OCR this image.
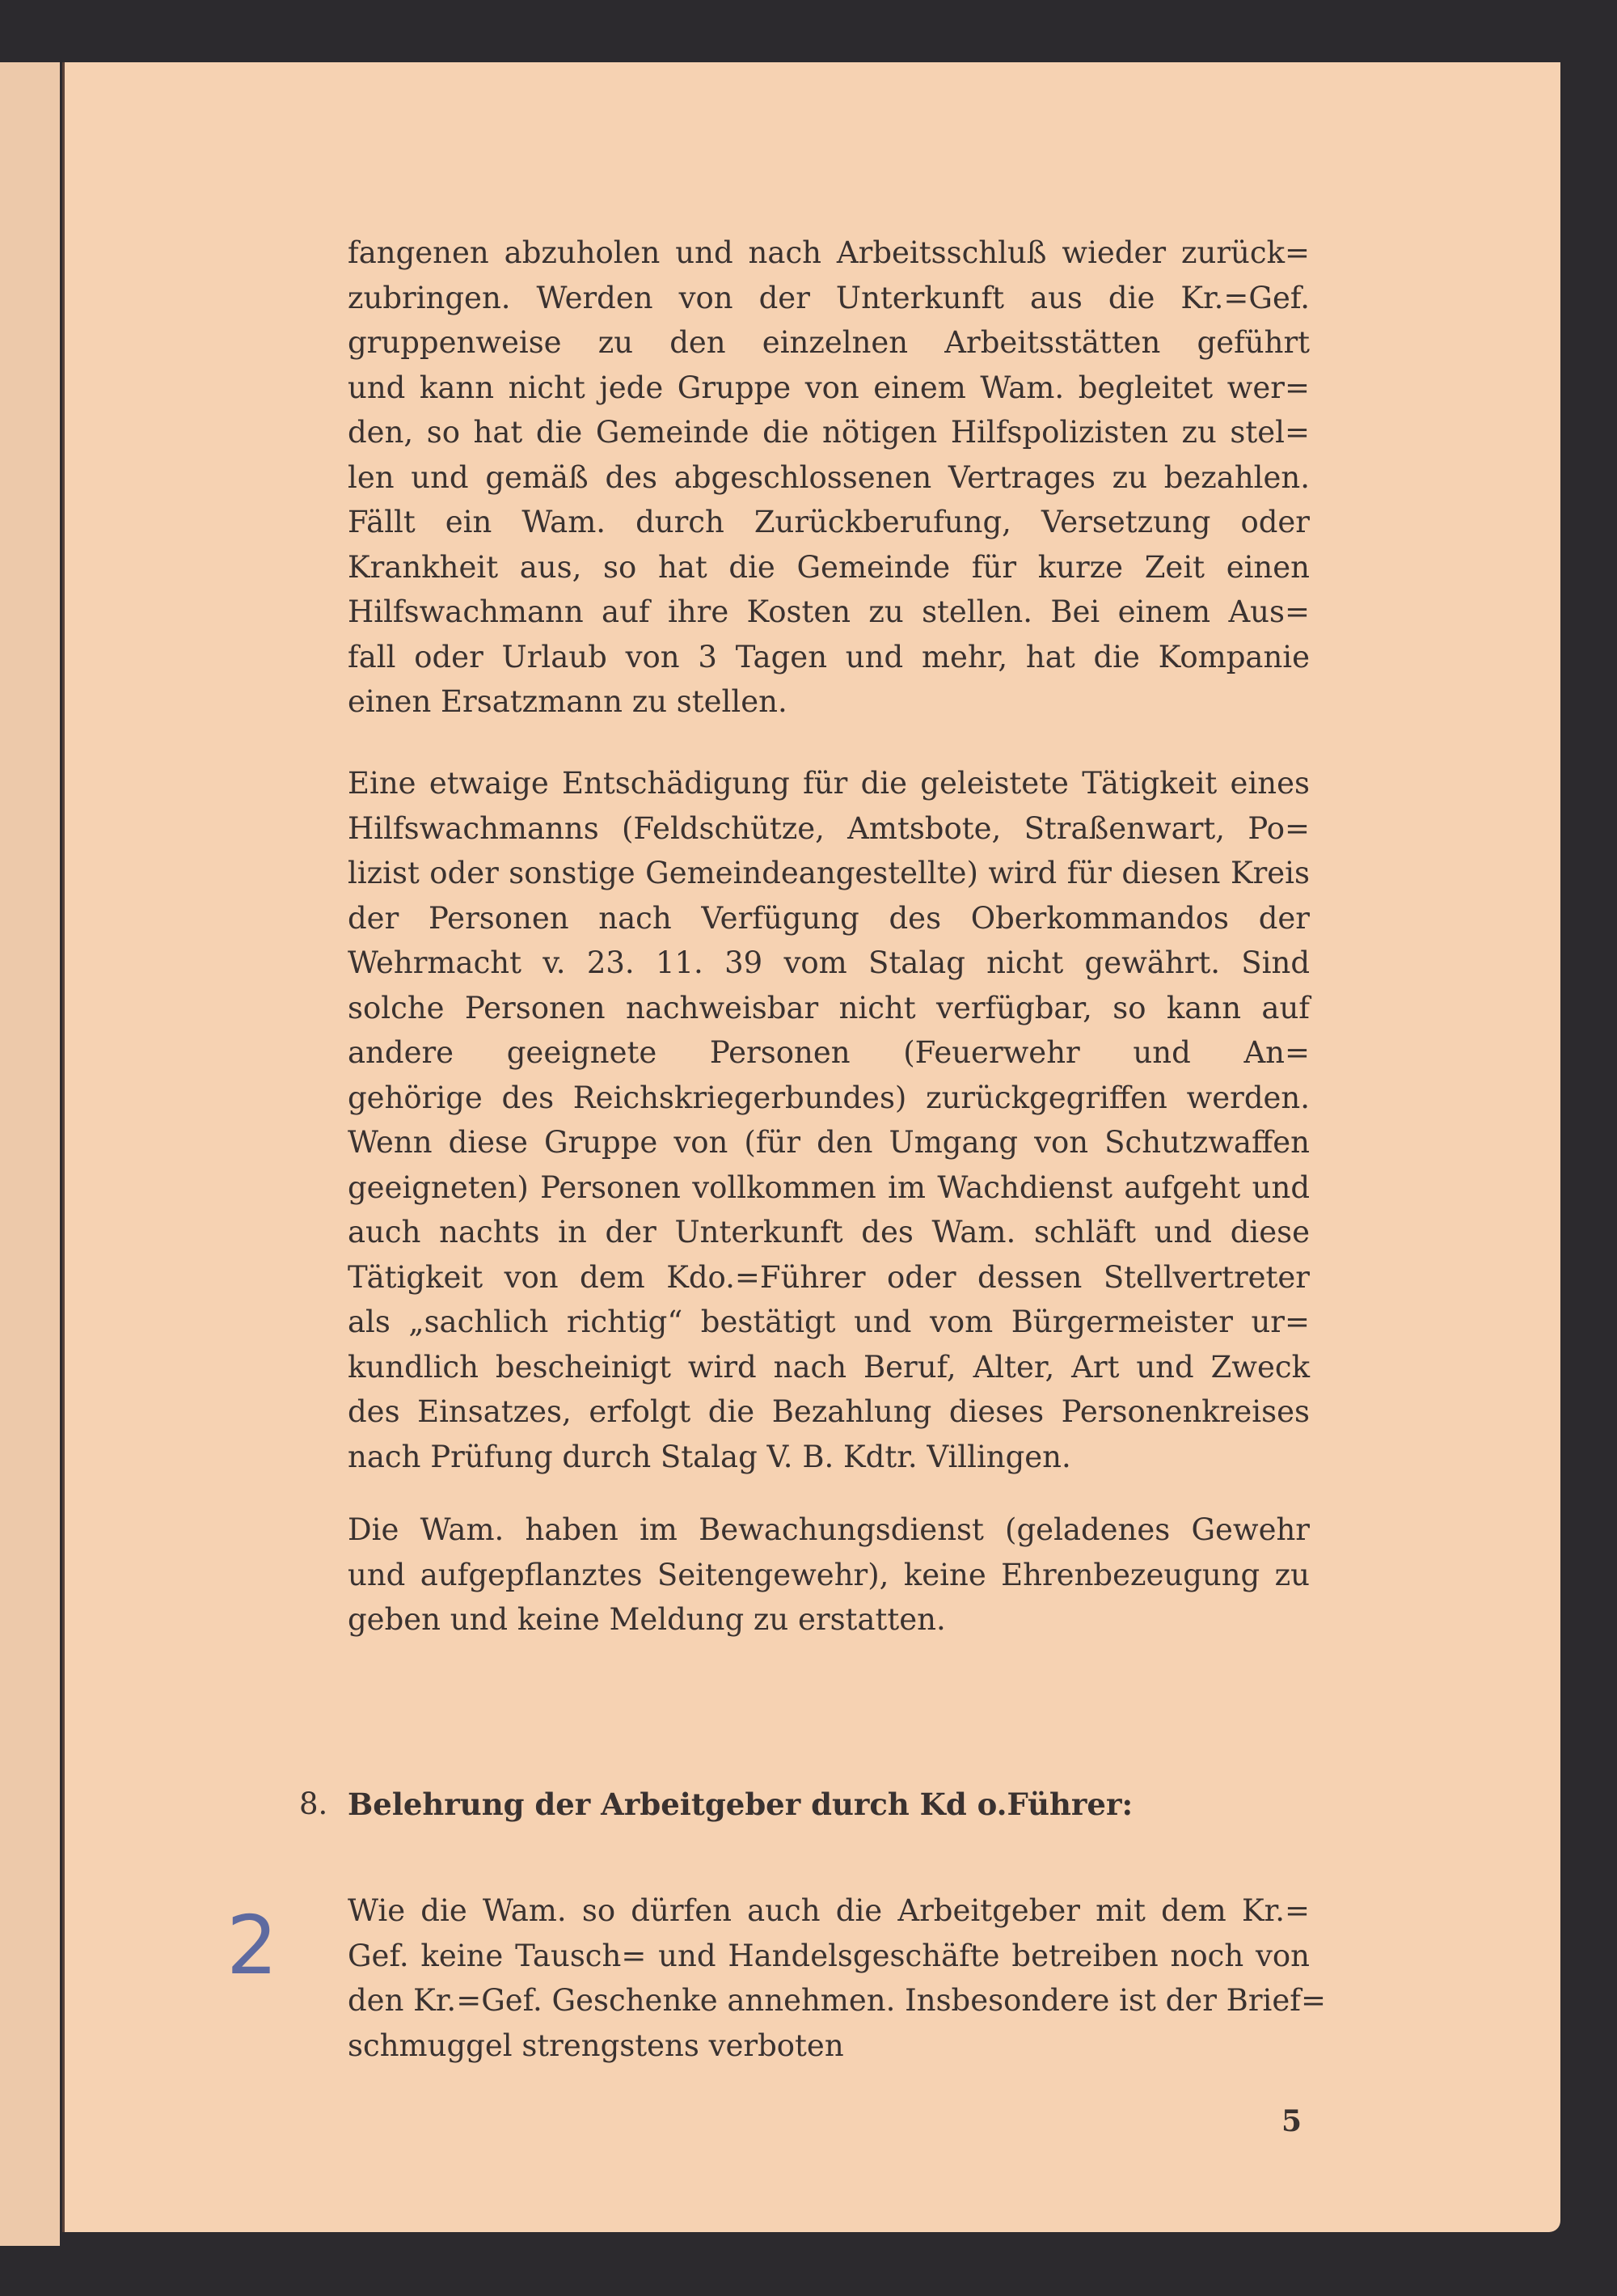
8. Belehrung der Arbeitgeber durch Kd o.Führer:
5
2
fangenen abzuholen und nach Arbeitsschluß wieder zurück=
zubringen. Werden von der Unterkunft aus die Kr.=Gef.
gruppenweise zu den einzelnen Arbeitsstätten geführt
und kann nicht jede Gruppe von einem Wam. begleitet wer=
den, so hat die Gemeinde die nötigen Hilfspolizisten zu stel=
len und gemäß des abgeschlossenen Vertrages zu bezahlen.
Fällt ein Wam. durch Zurückberufung, Versetzung oder
Krankheit aus, so hat die Gemeinde für kurze Zeit einen
Hilfswachmann auf ihre Kosten zu stellen. Bei einem Aus=
fall oder Urlaub von 3 Tagen und mehr, hat die Kompanie
einen Ersatzmann zu stellen.
Eine etwaige Entschädigung für die geleistete Tätigkeit eines
Hilfswachmanns (Feldschütze, Amtsbote, Straßenwart, Po=
lizist oder sonstige Gemeindeangestellte) wird für diesen Kreis
der Personen nach Verfügung des Oberkommandos der
Wehrmacht v. 23. 11. 39 vom Stalag nicht gewährt. Sind
solche Personen nachweisbar nicht verfügbar, so kann auf
andere geeignete Personen (Feuerwehr und An=
gehörige des Reichskriegerbundes) zurückgegriffen werden.
Wenn diese Gruppe von (für den Umgang von Schutzwaffen
geeigneten) Personen vollkommen im Wachdienst aufgeht und
auch nachts in der Unterkunft des Wam. schläft und diese
Tätigkeit von dem Kdo.=Führer oder dessen Stellvertreter
als „sachlich richtig“ bestätigt und vom Bürgermeister ur=
kundlich bescheinigt wird nach Beruf, Alter, Art und Zweck
des Einsatzes, erfolgt die Bezahlung dieses Personenkreises
nach Prüfung durch Stalag V. B. Kdtr. Villingen.
Die Wam. haben im Bewachungsdienst (geladenes Gewehr
und aufgepflanztes Seitengewehr), keine Ehrenbezeugung zu
geben und keine Meldung zu erstatten.
Wie die Wam. so dürfen auch die Arbeitgeber mit dem Kr.=
Gef. keine Tausch= und Handelsgeschäfte betreiben noch von
den Kr.=Gef. Geschenke annehmen. Insbesondere ist der Brief=
schmuggel strengstens verboten
